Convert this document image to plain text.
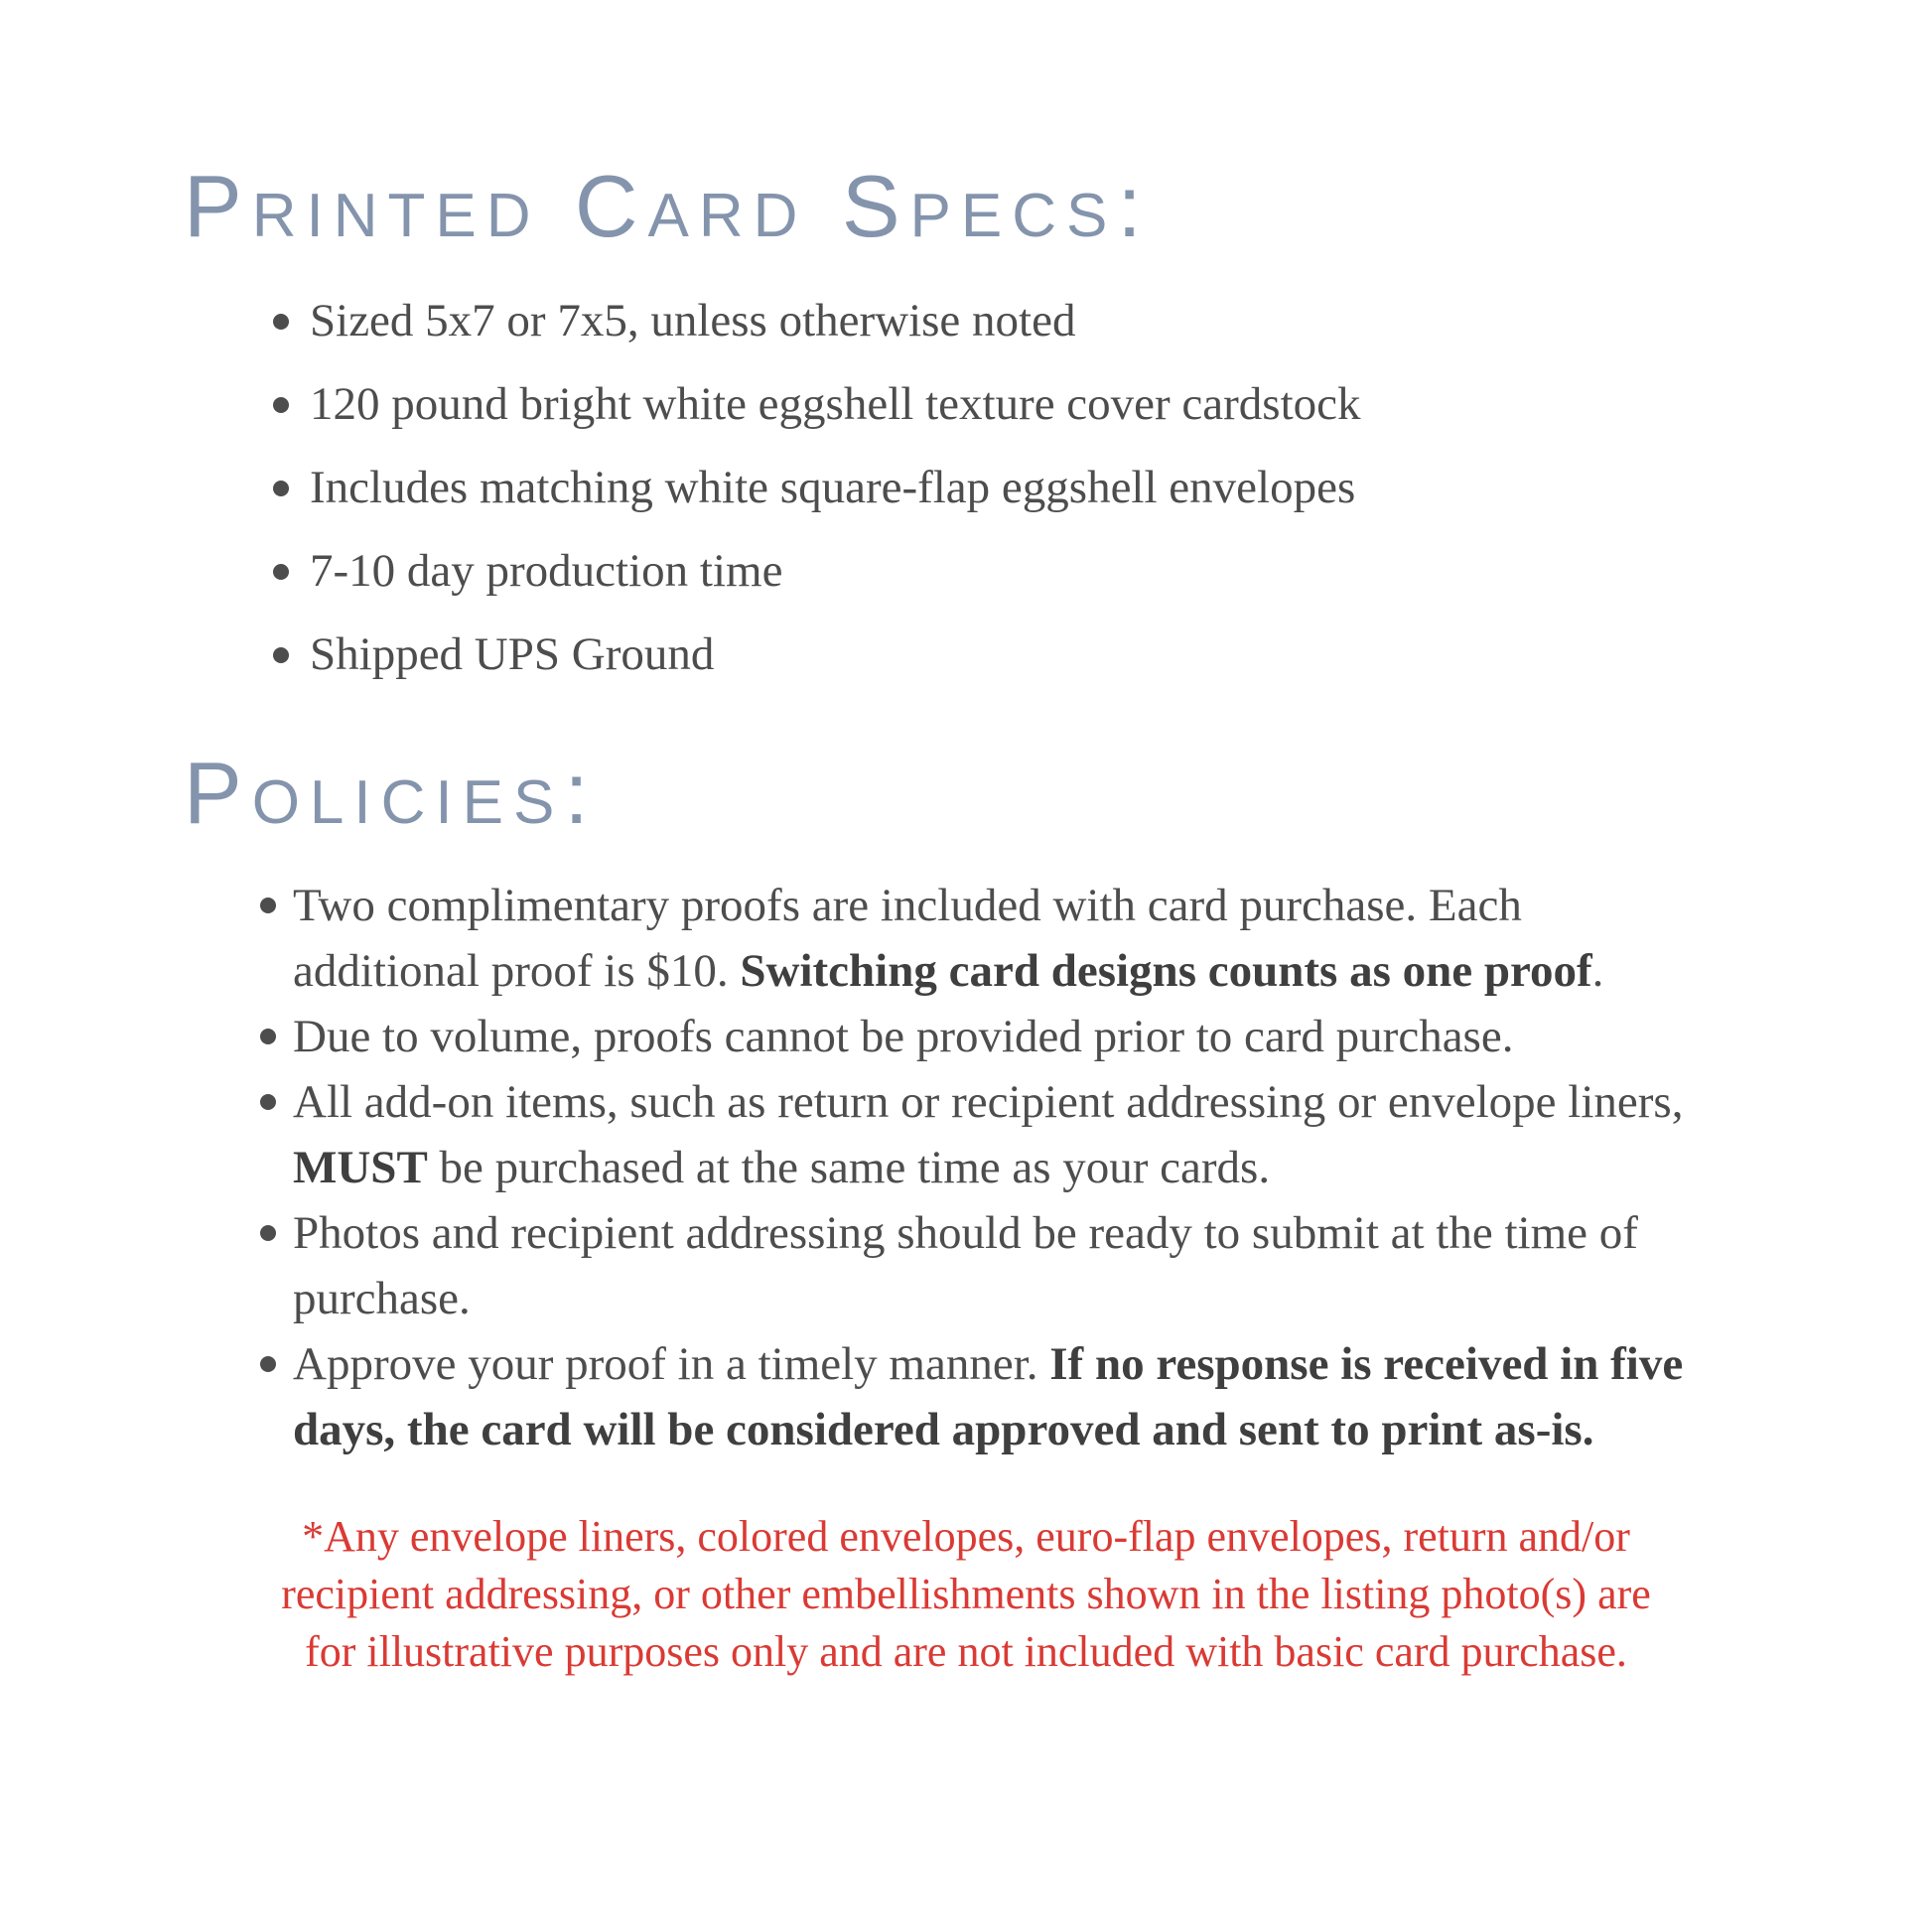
Printed Card Specs:
Sized 5x7 or 7x5, unless otherwise noted
120 pound bright white eggshell texture cover cardstock
Includes matching white square-flap eggshell envelopes
7-10 day production time
Shipped UPS Ground
Policies:
Two complimentary proofs are included with card purchase. Each additional proof is $10. Switching card designs counts as one proof.
Due to volume, proofs cannot be provided prior to card purchase.
All add-on items, such as return or recipient addressing or envelope liners, MUST be purchased at the same time as your cards.
Photos and recipient addressing should be ready to submit at the time of purchase.
Approve your proof in a timely manner. If no response is received in five days, the card will be considered approved and sent to print as-is.
*Any envelope liners, colored envelopes, euro-flap envelopes, return and/or
recipient addressing, or other embellishments shown in the listing photo(s) are
for illustrative purposes only and are not included with basic card purchase.
